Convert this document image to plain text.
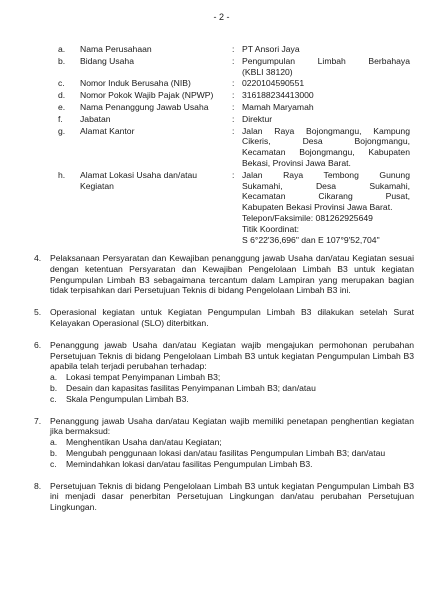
- 2 -
a.	Nama Perusahaan	: PT Ansori Jaya
b.	Bidang Usaha	: Pengumpulan Limbah Berbahaya
(KBLI 38120)
c.	Nomor Induk Berusaha (NIB)	: 0220104590551
d.	Nomor Pokok Wajib Pajak (NPWP)	: 316188234413000
e.	Nama Penanggung Jawab Usaha	: Mamah Maryamah
f.	Jabatan	: Direktur
g.	Alamat Kantor	: Jalan Raya Bojongmangu, Kampung
Cikeris, Desa Bojongmangu,
Kecamatan Bojongmangu, Kabupaten
Bekasi, Provinsi Jawa Barat.
h.	Alamat Lokasi Usaha dan/atau Kegiatan
: Jalan Raya Tembong Gunung
Sukamahi, Desa Sukamahi,
Kecamatan Cikarang Pusat,
Kabupaten Bekasi Provinsi Jawa Barat.
Telepon/Faksimile: 081262925649
Titik Koordinat:
S 6°22'36,696" dan E 107°9'52,704"
4.	Pelaksanaan Persyaratan dan Kewajiban penanggung jawab Usaha dan/atau Kegiatan sesuai dengan ketentuan Persyaratan dan Kewajiban Pengelolaan Limbah B3 untuk kegiatan Pengumpulan Limbah B3 sebagaimana tercantum dalam Lampiran yang merupakan bagian tidak terpisahkan dari Persetujuan Teknis di bidang Pengelolaan Limbah B3 ini.
5.	Operasional kegiatan untuk Kegiatan Pengumpulan Limbah B3 dilakukan setelah Surat Kelayakan Operasional (SLO) diterbitkan.
6.	Penanggung jawab Usaha dan/atau Kegiatan wajib mengajukan permohonan perubahan Persetujuan Teknis di bidang Pengelolaan Limbah B3 untuk kegiatan Pengumpulan Limbah B3 apabila telah terjadi perubahan terhadap:
a.	Lokasi tempat Penyimpanan Limbah B3;
b.	Desain dan kapasitas fasilitas Penyimpanan Limbah B3; dan/atau
c.	Skala Pengumpulan Limbah B3.
7.	Penanggung jawab Usaha dan/atau Kegiatan wajib memiliki penetapan penghentian kegiatan jika bermaksud:
a.	Menghentikan Usaha dan/atau Kegiatan;
b.	Mengubah penggunaan lokasi dan/atau fasilitas Pengumpulan Limbah B3; dan/atau
c.	Memindahkan lokasi dan/atau fasilitas Pengumpulan Limbah B3.
8.	Persetujuan Teknis di bidang Pengelolaan Limbah B3 untuk kegiatan Pengumpulan Limbah B3 ini menjadi dasar penerbitan Persetujuan Lingkungan dan/atau perubahan Persetujuan Lingkungan.
